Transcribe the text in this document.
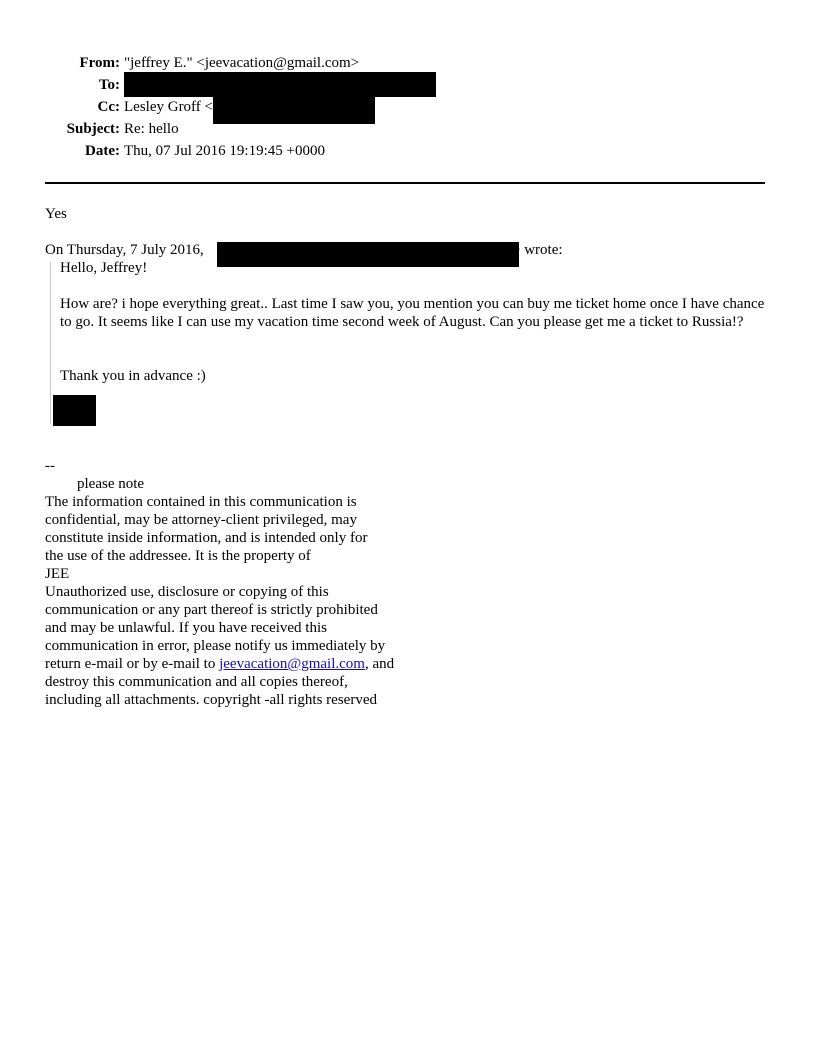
From: "jeffrey E." <jeevacation@gmail.com>
To:
Cc: Lesley Groff <
Subject: Re: hello
Date: Thu, 07 Jul 2016 19:19:45 +0000
Yes
On Thursday, 7 July 2016,	> wrote:
Hello, Jeffrey!
How are? i hope everything great.. Last time I saw you, you mention you can buy me ticket home once I have chance to go. It seems like I can use my vacation time second week of August. Can you please get me a ticket to Russia!?
Thank you in advance :)
--
please note
The information contained in this communication is
confidential, may be attorney-client privileged, may
constitute inside information, and is intended only for
the use of the addressee. It is the property of
JEE
Unauthorized use, disclosure or copying of this
communication or any part thereof is strictly prohibited
and may be unlawful. If you have received this
communication in error, please notify us immediately by
return e-mail or by e-mail to jeevacation@gmail.com, and
destroy this communication and all copies thereof,
including all attachments. copyright -all rights reserved
